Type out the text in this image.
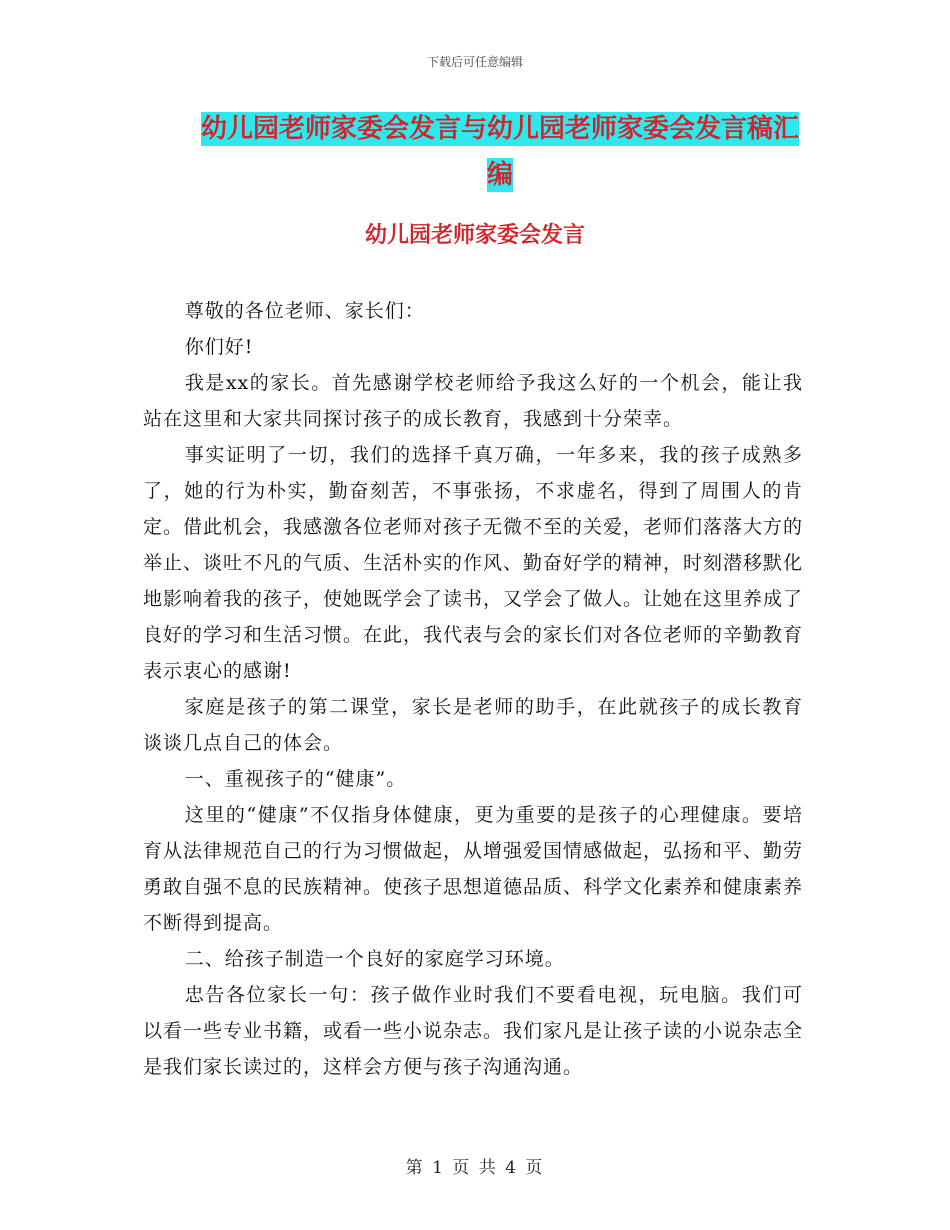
下载后可任意编辑
幼儿园老师家委会发言与幼儿园老师家委会发言稿汇编
幼儿园老师家委会发言

尊敬的各位老师、家长们：

你们好!

我是xx的家长。首先感谢学校老师给予我这么好的一个机会，能让我站在这里和大家共同探讨孩子的成长教育，我感到十分荣幸。

事实证明了一切，我们的选择千真万确，一年多来，我的孩子成熟多了，她的行为朴实，勤奋刻苦，不事张扬，不求虚名，得到了周围人的肯定。借此机会，我感激各位老师对孩子无微不至的关爱，老师们落落大方的举止、谈吐不凡的气质、生活朴实的作风、勤奋好学的精神，时刻潜移默化地影响着我的孩子，使她既学会了读书，又学会了做人。让她在这里养成了良好的学习和生活习惯。在此，我代表与会的家长们对各位老师的辛勤教育表示衷心的感谢!

家庭是孩子的第二课堂，家长是老师的助手，在此就孩子的成长教育谈谈几点自己的体会。

一、重视孩子的“健康”。

这里的“健康”不仅指身体健康，更为重要的是孩子的心理健康。要培育从法律规范自己的行为习惯做起，从增强爱国情感做起，弘扬和平、勤劳勇敢自强不息的民族精神。使孩子思想道德品质、科学文化素养和健康素养不断得到提高。

二、给孩子制造一个良好的家庭学习环境。

忠告各位家长一句：孩子做作业时我们不要看电视，玩电脑。我们可以看一些专业书籍，或看一些小说杂志。我们家凡是让孩子读的小说杂志全是我们家长读过的，这样会方便与孩子沟通沟通。

第 1 页 共 4 页
